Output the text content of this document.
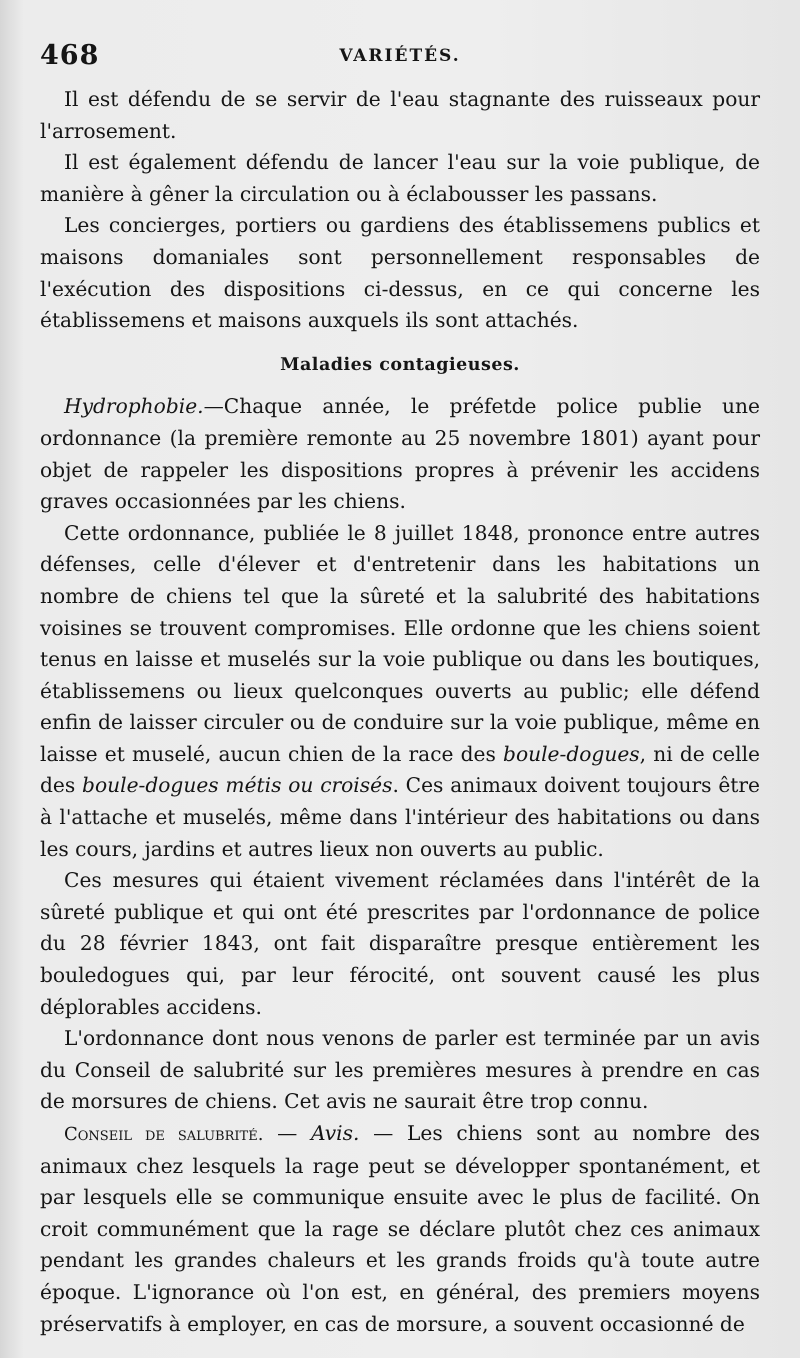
468	VARIÉTÉS.

Il est défendu de se servir de l'eau stagnante des ruisseaux pour l'arrosement.

Il est également défendu de lancer l'eau sur la voie publique, de manière à gêner la circulation ou à éclabousser les passans.

Les concierges, portiers ou gardiens des établissemens publics et maisons domaniales sont personnellement responsables de l'exécution des dispositions ci-dessus, en ce qui concerne les établissemens et maisons auxquels ils sont attachés.

Maladies contagieuses.

Hydrophobie.—Chaque année, le préfetde police publie une ordonnance (la première remonte au 25 novembre 1801) ayant pour objet de rappeler les dispositions propres à prévenir les accidens graves occasionnées par les chiens.

Cette ordonnance, publiée le 8 juillet 1848, prononce entre autres défenses, celle d'élever et d'entretenir dans les habitations un nombre de chiens tel que la sûreté et la salubrité des habitations voisines se trouvent compromises. Elle ordonne que les chiens soient tenus en laisse et muselés sur la voie publique ou dans les boutiques, établissemens ou lieux quelconques ouverts au public; elle défend enfin de laisser circuler ou de conduire sur la voie publique, même en laisse et muselé, aucun chien de la race des boule-dogues, ni de celle des boule-dogues métis ou croisés. Ces animaux doivent toujours être à l'attache et muselés, même dans l'intérieur des habitations ou dans les cours, jardins et autres lieux non ouverts au public.

Ces mesures qui étaient vivement réclamées dans l'intérêt de la sûreté publique et qui ont été prescrites par l'ordonnance de police du 28 février 1843, ont fait disparaître presque entièrement les bouledogues qui, par leur férocité, ont souvent causé les plus déplorables accidens.

L'ordonnance dont nous venons de parler est terminée par un avis du Conseil de salubrité sur les premières mesures à prendre en cas de morsures de chiens. Cet avis ne saurait être trop connu.

Conseil de salubrité. — Avis. — Les chiens sont au nombre des animaux chez lesquels la rage peut se développer spontanément, et par lesquels elle se communique ensuite avec le plus de facilité. On croit communément que la rage se déclare plutôt chez ces animaux pendant les grandes chaleurs et les grands froids qu'à toute autre époque. L'ignorance où l'on est, en général, des premiers moyens préservatifs à employer, en cas de morsure, a souvent occasionné de
